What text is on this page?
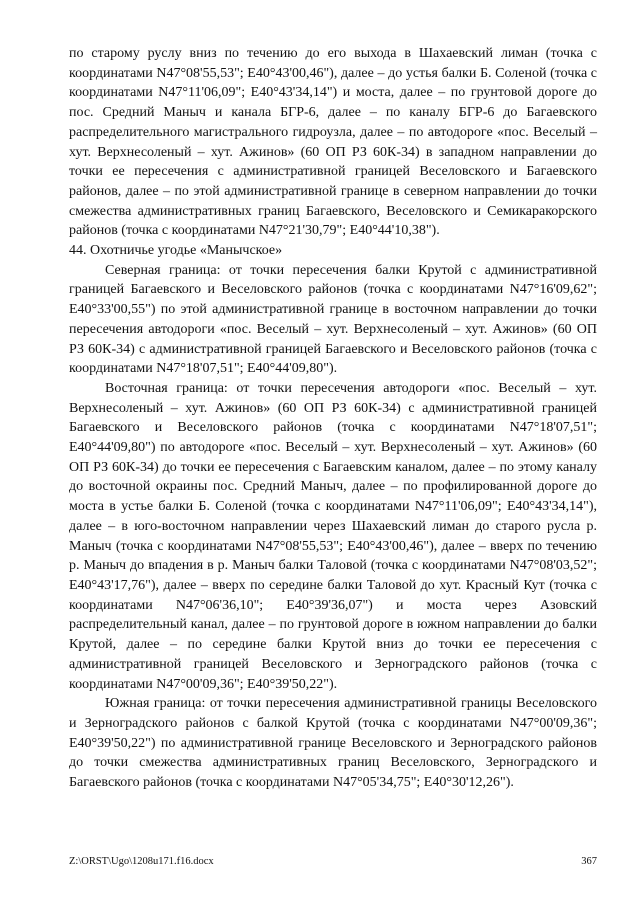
по старому руслу вниз по течению до его выхода в Шахаевский лиман (точка с координатами N47°08'55,53"; E40°43'00,46"), далее – до устья балки Б. Соленой (точка с координатами N47°11'06,09"; E40°43'34,14") и моста, далее – по грунтовой дороге до пос. Средний Маныч и канала БГР-6, далее – по каналу БГР-6 до Багаевского распределительного магистрального гидроузла, далее – по автодороге «пос. Веселый – хут. Верхнесоленый – хут. Ажинов» (60 ОП РЗ 60К-34) в западном направлении до точки ее пересечения с административной границей Веселовского и Багаевского районов, далее – по этой административной границе в северном направлении до точки смежества административных границ Багаевского, Веселовского и Семикаракорского районов (точка с координатами N47°21'30,79"; E40°44'10,38").

44. Охотничье угодье «Манычское»

Северная граница: от точки пересечения балки Крутой с административной границей Багаевского и Веселовского районов (точка с координатами N47°16'09,62"; E40°33'00,55") по этой административной границе в восточном направлении до точки пересечения автодороги «пос. Веселый – хут. Верхнесоленый – хут. Ажинов» (60 ОП РЗ 60К-34) с административной границей Багаевского и Веселовского районов (точка с координатами N47°18'07,51"; E40°44'09,80").

Восточная граница: от точки пересечения автодороги «пос. Веселый – хут. Верхнесоленый – хут. Ажинов» (60 ОП РЗ 60К-34) с административной границей Багаевского и Веселовского районов (точка с координатами N47°18'07,51"; E40°44'09,80") по автодороге «пос. Веселый – хут. Верхнесоленый – хут. Ажинов» (60 ОП РЗ 60К-34) до точки ее пересечения с Багаевским каналом, далее – по этому каналу до восточной окраины пос. Средний Маныч, далее – по профилированной дороге до моста в устье балки Б. Соленой (точка с координатами N47°11'06,09"; E40°43'34,14"), далее – в юго-восточном направлении через Шахаевский лиман до старого русла р. Маныч (точка с координатами N47°08'55,53"; E40°43'00,46"), далее – вверх по течению р. Маныч до впадения в р. Маныч балки Таловой (точка с координатами N47°08'03,52"; E40°43'17,76"), далее – вверх по середине балки Таловой до хут. Красный Кут (точка с координатами N47°06'36,10"; E40°39'36,07") и моста через Азовский распределительный канал, далее – по грунтовой дороге в южном направлении до балки Крутой, далее – по середине балки Крутой вниз до точки ее пересечения с административной границей Веселовского и Зерноградского районов (точка с координатами N47°00'09,36"; E40°39'50,22").

Южная граница: от точки пересечения административной границы Веселовского и Зерноградского районов с балкой Крутой (точка с координатами N47°00'09,36"; E40°39'50,22") по административной границе Веселовского и Зерноградского районов до точки смежества административных границ Веселовского, Зерноградского и Багаевского районов (точка с координатами N47°05'34,75"; E40°30'12,26").

Z:\ORST\Ugo\1208u171.f16.docx	367
